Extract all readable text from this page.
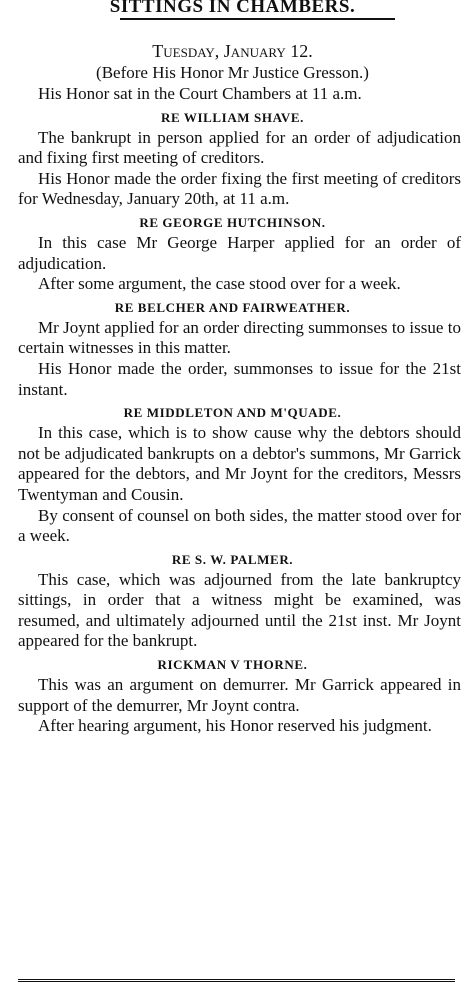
SITTINGS IN CHAMBERS.
Tuesday, January 12.
(Before His Honor Mr Justice Gresson.)

His Honor sat in the Court Chambers at 11 a.m.

RE WILLIAM SHAVE.

The bankrupt in person applied for an order of adjudication and fixing first meeting of creditors.

His Honor made the order fixing the first meeting of creditors for Wednesday, January 20th, at 11 a.m.

RE GEORGE HUTCHINSON.

In this case Mr George Harper applied for an order of adjudication.

After some argument, the case stood over for a week.

RE BELCHER AND FAIRWEATHER.

Mr Joynt applied for an order directing summonses to issue to certain witnesses in this matter.

His Honor made the order, summonses to issue for the 21st instant.

RE MIDDLETON AND M'QUADE.

In this case, which is to show cause why the debtors should not be adjudicated bankrupts on a debtor's summons, Mr Garrick appeared for the debtors, and Mr Joynt for the creditors, Messrs Twentyman and Cousin.

By consent of counsel on both sides, the matter stood over for a week.

RE S. W. PALMER.

This case, which was adjourned from the late bankruptcy sittings, in order that a witness might be examined, was resumed, and ultimately adjourned until the 21st inst. Mr Joynt appeared for the bankrupt.

RICKMAN V THORNE.

This was an argument on demurrer. Mr Garrick appeared in support of the demurrer, Mr Joynt contra.

After hearing argument, his Honor reserved his judgment.
